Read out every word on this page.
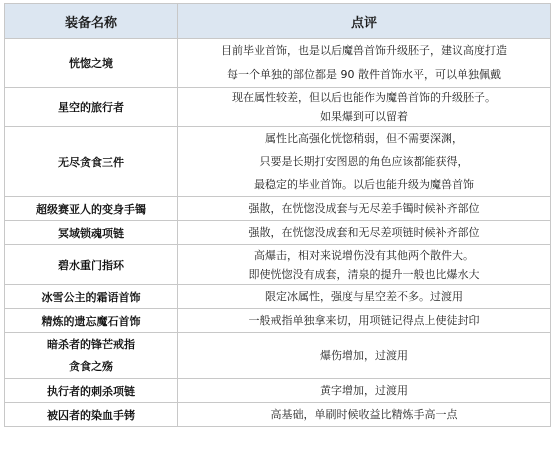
装备名称	点评

恍惚之境	目前毕业首饰，也是以后魔兽首饰升级胚子，建议高度打造
每一个单独的部位都是 90 散件首饰水平，可以单独佩戴

星空的旅行者	现在属性较差，但以后也能作为魔兽首饰的升级胚子。
如果爆到可以留着

无尽贪食三件	属性比高强化恍惚稍弱，但不需要深渊，
只要是长期打安图恩的角色应该都能获得，
最稳定的毕业首饰。以后也能升级为魔兽首饰

超级赛亚人的变身手镯	强散，在恍惚没成套与无尽差手镯时候补齐部位

冥域锁魂项链	强散，在恍惚没成套和无尽差项链时候补齐部位

碧水重门指环	高爆击，相对来说增伤没有其他两个散件大。
即使恍惚没有成套，清泉的提升一般也比爆水大

冰雪公主的霜语首饰	限定冰属性，强度与星空差不多。过渡用

精炼的遗忘魔石首饰	一般戒指单独拿来切，用项链记得点上使徒封印

暗杀者的锋芒戒指
贪食之殇	爆伤增加，过渡用

执行者的刺杀项链	黄字增加，过渡用

被囚者的染血手铐	高基础，单刷时候收益比精炼手高一点
